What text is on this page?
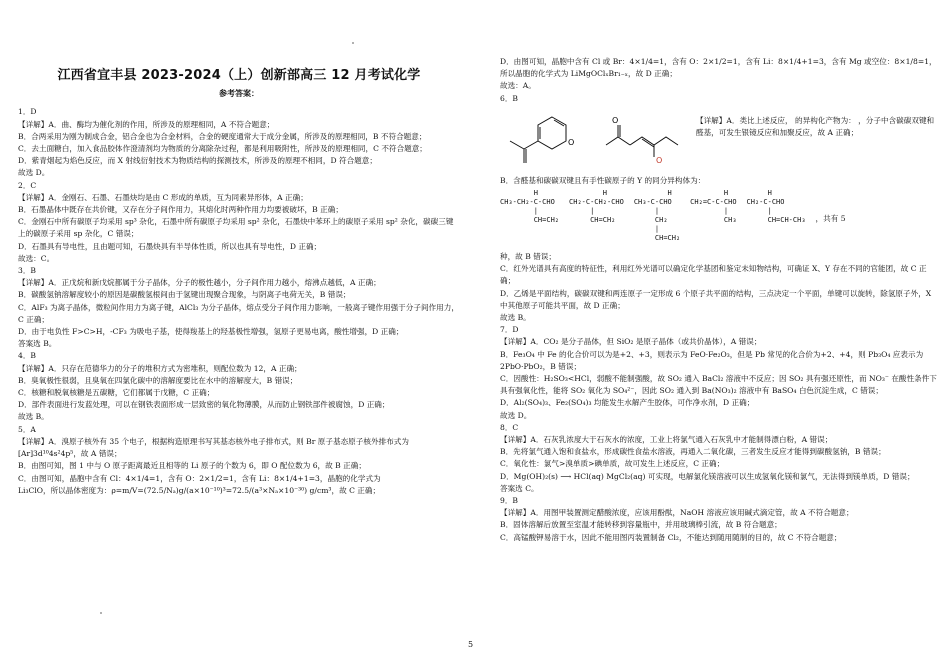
江西省宜丰县 2023-2024（上）创新部高三 12 月考试化学
参考答案：

1．D

【详解】A．曲、酶均为催化剂的作用，所涉及的原理相同，A 不符合题意；

B．合两采用为刚为制成合金，铝合金也为合金材料，合金的硬度通常大于成分金属，所涉及的原理相同，B 不符合题意；

C．去土面糖白，加入食品胶体作澄清剂均为物质的分离除杂过程，都是利用吸附性，所涉及的原理相同，C 不符合题意；

D．紫青烟起为焰色反应，而 X 射线衍射技术为物质结构的探测技术，所涉及的原理不相同，D 符合题意；

故选 D。

2．C

【详解】A．金刚石、石墨、石墨炔均是由 C 形成的单质，互为同素异形体，A 正确；

B．石墨晶体中既存在共价键，又存在分子间作用力，其熔化时两种作用力均要被破坏，B 正确；

C．金刚石中所有碳原子均采用 sp³ 杂化，石墨中所有碳原子均采用 sp² 杂化，石墨炔中苯环上的碳原子采用 sp² 杂化，碳碳三键上的碳原子采用 sp 杂化，C 错误；

D．石墨具有导电性，且由题可知，石墨炔具有半导体性质，所以也具有导电性，D 正确；

故选：C。

3．B

【详解】A．正戊烷和新戊烷都属于分子晶体，分子的极性越小，分子间作用力越小，熔沸点越低，A 正确；

B．碳酸氢钠溶解度较小的原因是碳酸氢根间由于氢键出现聚合现象，与阴离子电荷无关，B 错误；

C．AlF₃ 为离子晶体，微粒间作用力为离子键，AlCl₃ 为分子晶体，熔点受分子间作用力影响，一般离子键作用强于分子间作用力，C 正确；

D．由于电负性 F>C>H，-CF₃ 为吸电子基，使得羧基上的羟基极性增强，氢原子更易电离，酸性增强，D 正确；

答案选 B。

4．B

【详解】A．只存在范德华力的分子的堆积方式为密堆积，则配位数为 12，A 正确；

B．臭氧极性很弱，且臭氧在四氯化碳中的溶解度要比在水中的溶解度大，B 错误；

C．核糖和脱氧核糖是五碳糖，它们都属于戊糖，C 正确；

D．部件表面进行发蓝处理，可以在钢铁表面形成一层致密的氧化物薄膜，从而防止钢铁部件被腐蚀，D 正确；

故选 B。

5．A

【详解】A．溴原子核外有 35 个电子，根据构造原理书写其基态核外电子排布式，则 Br 原子基态原子核外排布式为[Ar]3d¹⁰4s²4p⁵，故 A 错误；

B．由图可知，图 1 中与 O 原子距离最近且相等的 Li 原子的个数为 6，即 O 配位数为 6，故 B 正确；

C．由图可知，晶胞中含有 Cl：4×1/4=1，含有 O：2×1/2=1，含有 Li：8×1/4+1=3，晶胞的化学式为

Li₃ClO，所以晶体密度为：ρ=m/V=(72.5/Nₐ)g/(a×10⁻¹⁰)³=72.5/(a³×Nₐ×10⁻³⁰) g/cm³，故 C 正确；

D．由图可知，晶胞中含有 Cl 或 Br：4×1/4=1，含有 O：2×1/2=1，含有 Li：8×1/4+1=3，含有 Mg 或空位：8×1/8=1，所以晶胞的化学式为 LiMgOClₓBr₁₋ₓ，故 D 正确；

故选：A。

6．B

O
O
O	【详解】A．类比上述反应， 的异构化产物为： ，分子中含碳碳双键和醛基，可发生银镜反应和加聚反应，故 A 正确；

B．含醛基和碳碳双键且有手性碳原子的 Y 的同分异构体为：

H
CH₃-CH₂-C-CHO
|
CH=CH₂
H
CH₂-C-CH₂-CHO
|
CH=CH₂
H
CH₃-C-CHO
|
CH₂
|
CH=CH₂
H
CH₂=C-C-CHO
|
CH₃
H
CH₂-C-CHO
|
CH=CH-CH₃ ，共有 5

种，故 B 错误；

C．红外光谱具有高度的特征性，利用红外光谱可以确定化学基团和鉴定未知物结构，可确证 X、Y 存在不同的官能团，故 C 正确；

D．乙烯是平面结构，碳碳双键和两连原子一定形成 6 个原子共平面的结构，三点决定一个平面，单键可以旋转，除氢原子外，X 中其他原子可能共平面，故 D 正确；

故选 B。

7．D

【详解】A．CO₂ 是分子晶体，但 SiO₂ 是原子晶体（或共价晶体），A 错误；

B．Fe₃O₄ 中 Fe 的化合价可以为是+2、+3，则表示为 FeO·Fe₂O₃，但是 Pb 常见的化合价为+2、+4，则 Pb₃O₄ 应表示为 2PbO·PbO₂，B 错误；

C．因酸性：H₂SO₃<HCl，弱酸不能制强酸，故 SO₂ 通入 BaCl₂ 溶液中不反应；因 SO₂ 具有强还原性，而 NO₃⁻ 在酸性条件下具有强氧化性，能将 SO₂ 氧化为 SO₄²⁻，因此 SO₂ 通入到 Ba(NO₃)₂ 溶液中有 BaSO₄ 白色沉淀生成，C 错误；

D．Al₂(SO₄)₃、Fe₂(SO₄)₃ 均能发生水解产生胶体，可作净水剂，D 正确；

故选 D。

8．C

【详解】A．石灰乳浓度大于石灰水的浓度，工业上将氯气通入石灰乳中才能制得漂白粉，A 错误；

B．先将氯气通入饱和食盐水，形成碳性食盐水溶液，再通入二氧化碳，三者发生反应才能得到碳酸氢钠，B 错误；

C．氧化性：氯气>溴单质>碘单质，故可发生上述反应，C 正确；

D．Mg(OH)₂(s) ⟶ HCl(aq) MgCl₂(aq) 可实现，电解氯化镁溶液可以生成氢氧化镁和氯气，无法得到镁单质，D 错误；

答案选 C。

9．B

【详解】A．用图甲装置测定醋酸浓度，应该用酚酞，NaOH 溶液应该用碱式滴定管，故 A 不符合题意；

B．固体溶解后放置至室温才能转移到容量瓶中，并用玻璃棒引流，故 B 符合题意；

C．高锰酸钾易溶于水，因此不能用图丙装置制备 Cl₂，不能达到随用随制的目的，故 C 不符合题意；

5
